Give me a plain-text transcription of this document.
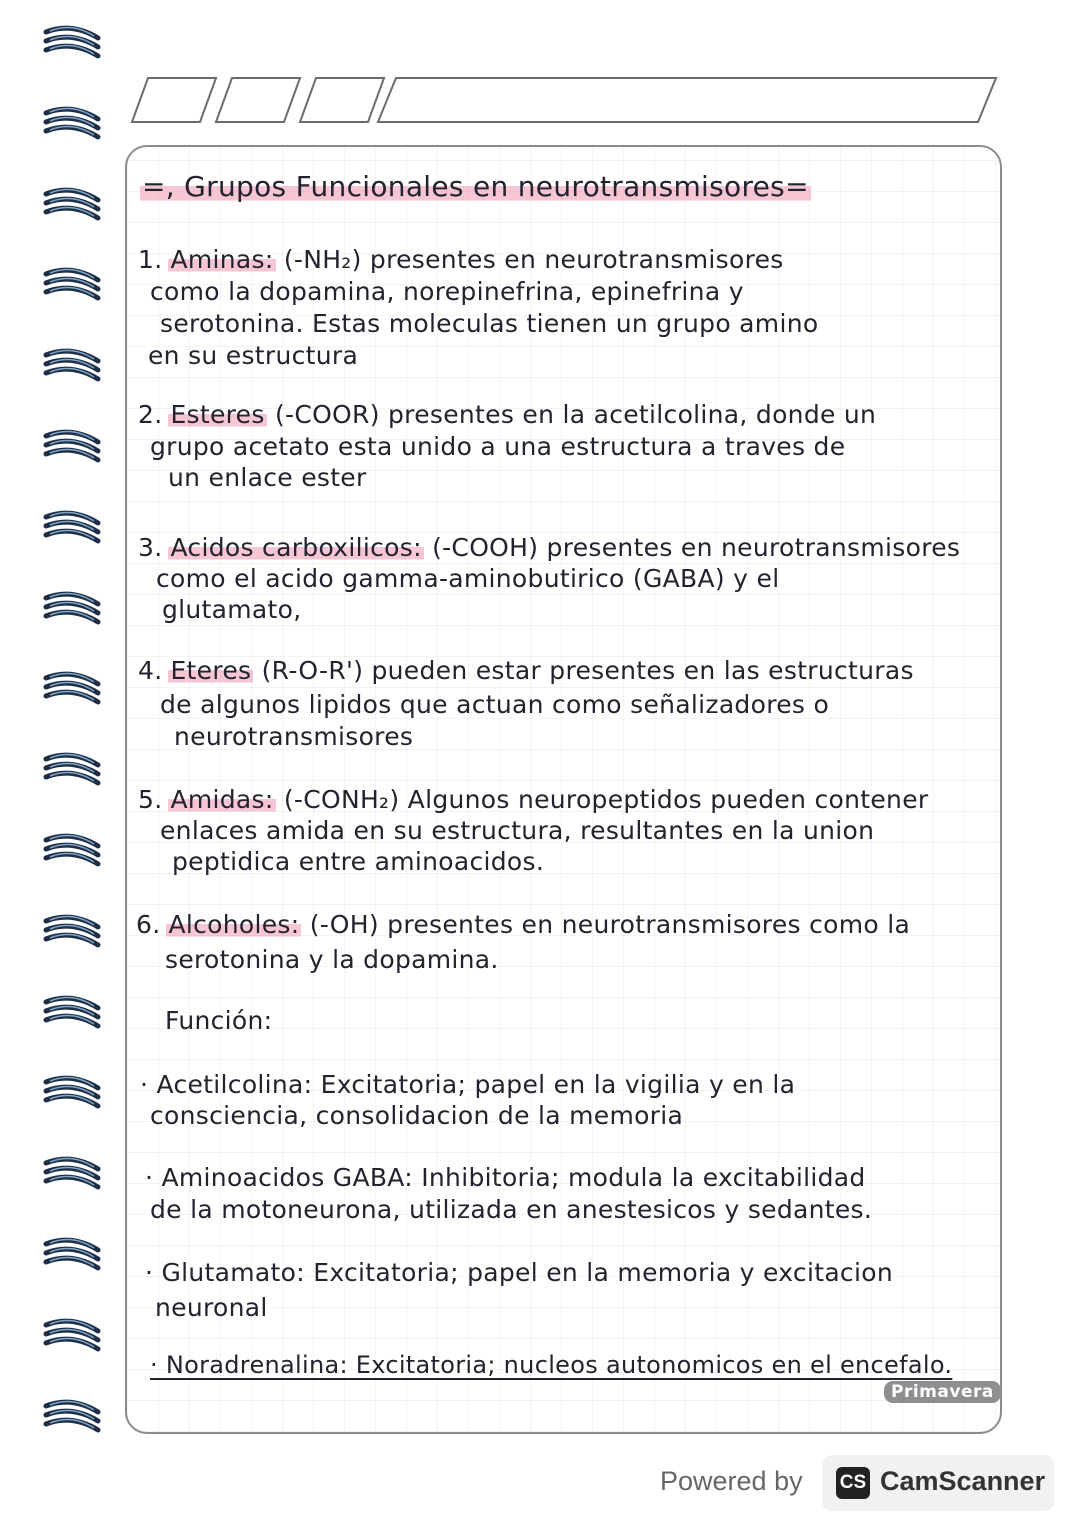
=, Grupos Funcionales en neurotransmisores=
1. Aminas: (-NH₂) presentes en neurotransmisores
como la dopamina, norepinefrina, epinefrina y
serotonina. Estas moleculas tienen un grupo amino
en su estructura
2. Esteres (-COOR) presentes en la acetilcolina, donde un
grupo acetato esta unido a una estructura a traves de
un enlace ester
3. Acidos carboxilicos: (-COOH) presentes en neurotransmisores
como el acido gamma-aminobutirico (GABA) y el
glutamato,
4. Eteres (R-O-R') pueden estar presentes en las estructuras
de algunos lipidos que actuan como señalizadores o
neurotransmisores
5. Amidas: (-CONH₂) Algunos neuropeptidos pueden contener
enlaces amida en su estructura, resultantes en la union
peptidica entre aminoacidos.
6. Alcoholes: (-OH) presentes en neurotransmisores como la
serotonina y la dopamina.
Función:
· Acetilcolina: Excitatoria; papel en la vigilia y en la
consciencia, consolidacion de la memoria
· Aminoacidos GABA: Inhibitoria; modula la excitabilidad
de la motoneurona, utilizada en anestesicos y sedantes.
· Glutamato: Excitatoria; papel en la memoria y excitacion
neuronal
· Noradrenalina: Excitatoria; nucleos autonomicos en el encefalo.
Primavera
Powered by CS CamScanner
